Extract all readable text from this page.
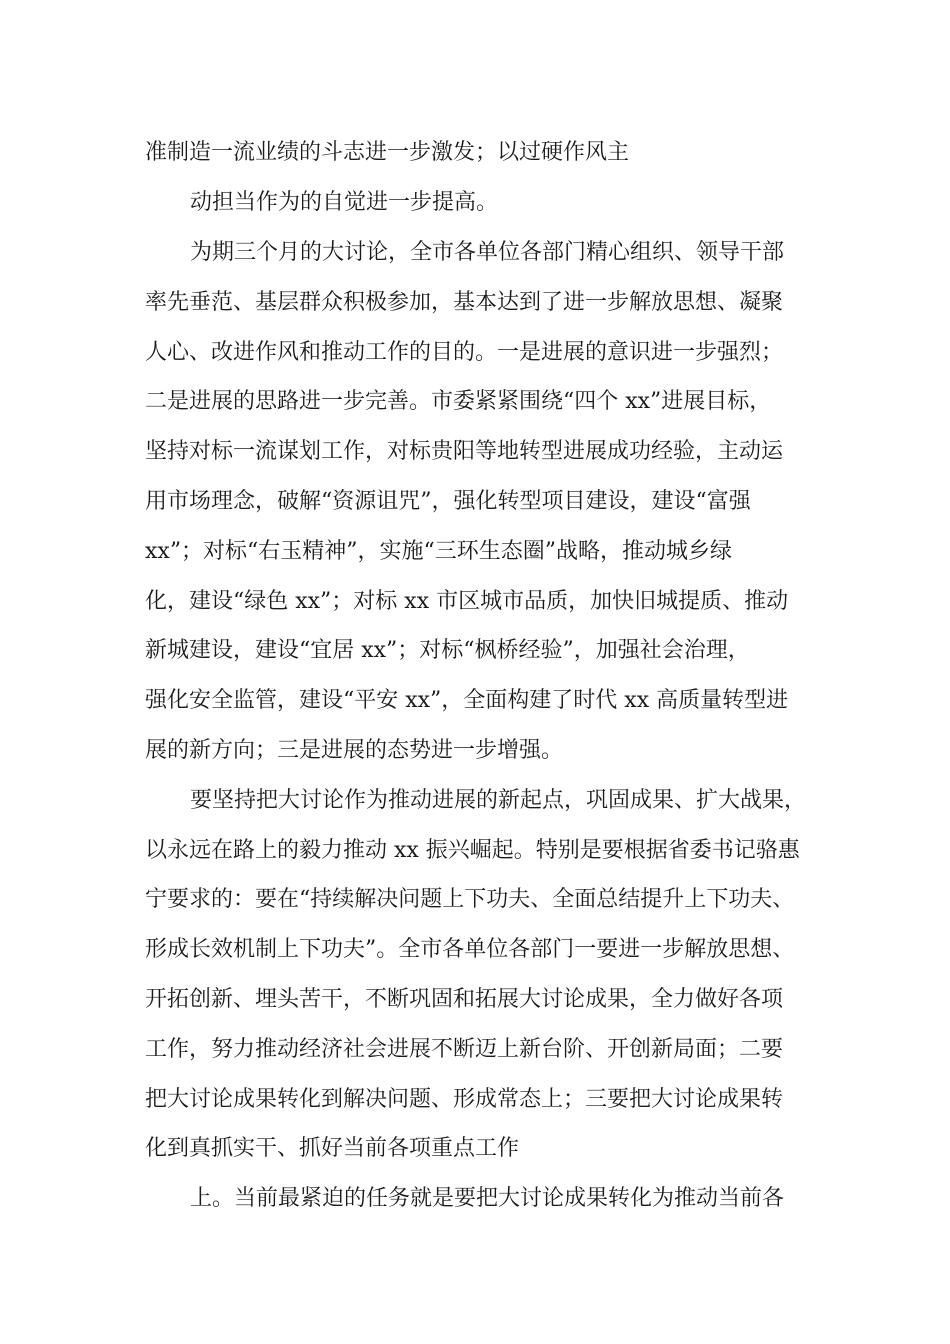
准制造一流业绩的斗志进一步激发；以过硬作风主
动担当作为的自觉进一步提高。
为期三个月的大讨论，全市各单位各部门精心组织、领导干部
率先垂范、基层群众积极参加，基本达到了进一步解放思想、凝聚
人心、改进作风和推动工作的目的。一是进展的意识进一步强烈；
二是进展的思路进一步完善。市委紧紧围绕“四个 xx”进展目标，
坚持对标一流谋划工作，对标贵阳等地转型进展成功经验，主动运
用市场理念，破解“资源诅咒”，强化转型项目建设，建设“富强
xx”；对标“右玉精神”，实施“三环生态圈”战略，推动城乡绿
化，建设“绿色 xx”；对标 xx 市区城市品质，加快旧城提质、推动
新城建设，建设“宜居 xx”；对标“枫桥经验”，加强社会治理，
强化安全监管，建设“平安 xx”，全面构建了时代 xx 高质量转型进
展的新方向；三是进展的态势进一步增强。
要坚持把大讨论作为推动进展的新起点，巩固成果、扩大战果，
以永远在路上的毅力推动 xx 振兴崛起。特别是要根据省委书记骆惠
宁要求的：要在“持续解决问题上下功夫、全面总结提升上下功夫、
形成长效机制上下功夫”。全市各单位各部门一要进一步解放思想、
开拓创新、埋头苦干，不断巩固和拓展大讨论成果，全力做好各项
工作，努力推动经济社会进展不断迈上新台阶、开创新局面；二要
把大讨论成果转化到解决问题、形成常态上；三要把大讨论成果转
化到真抓实干、抓好当前各项重点工作
上。当前最紧迫的任务就是要把大讨论成果转化为推动当前各
